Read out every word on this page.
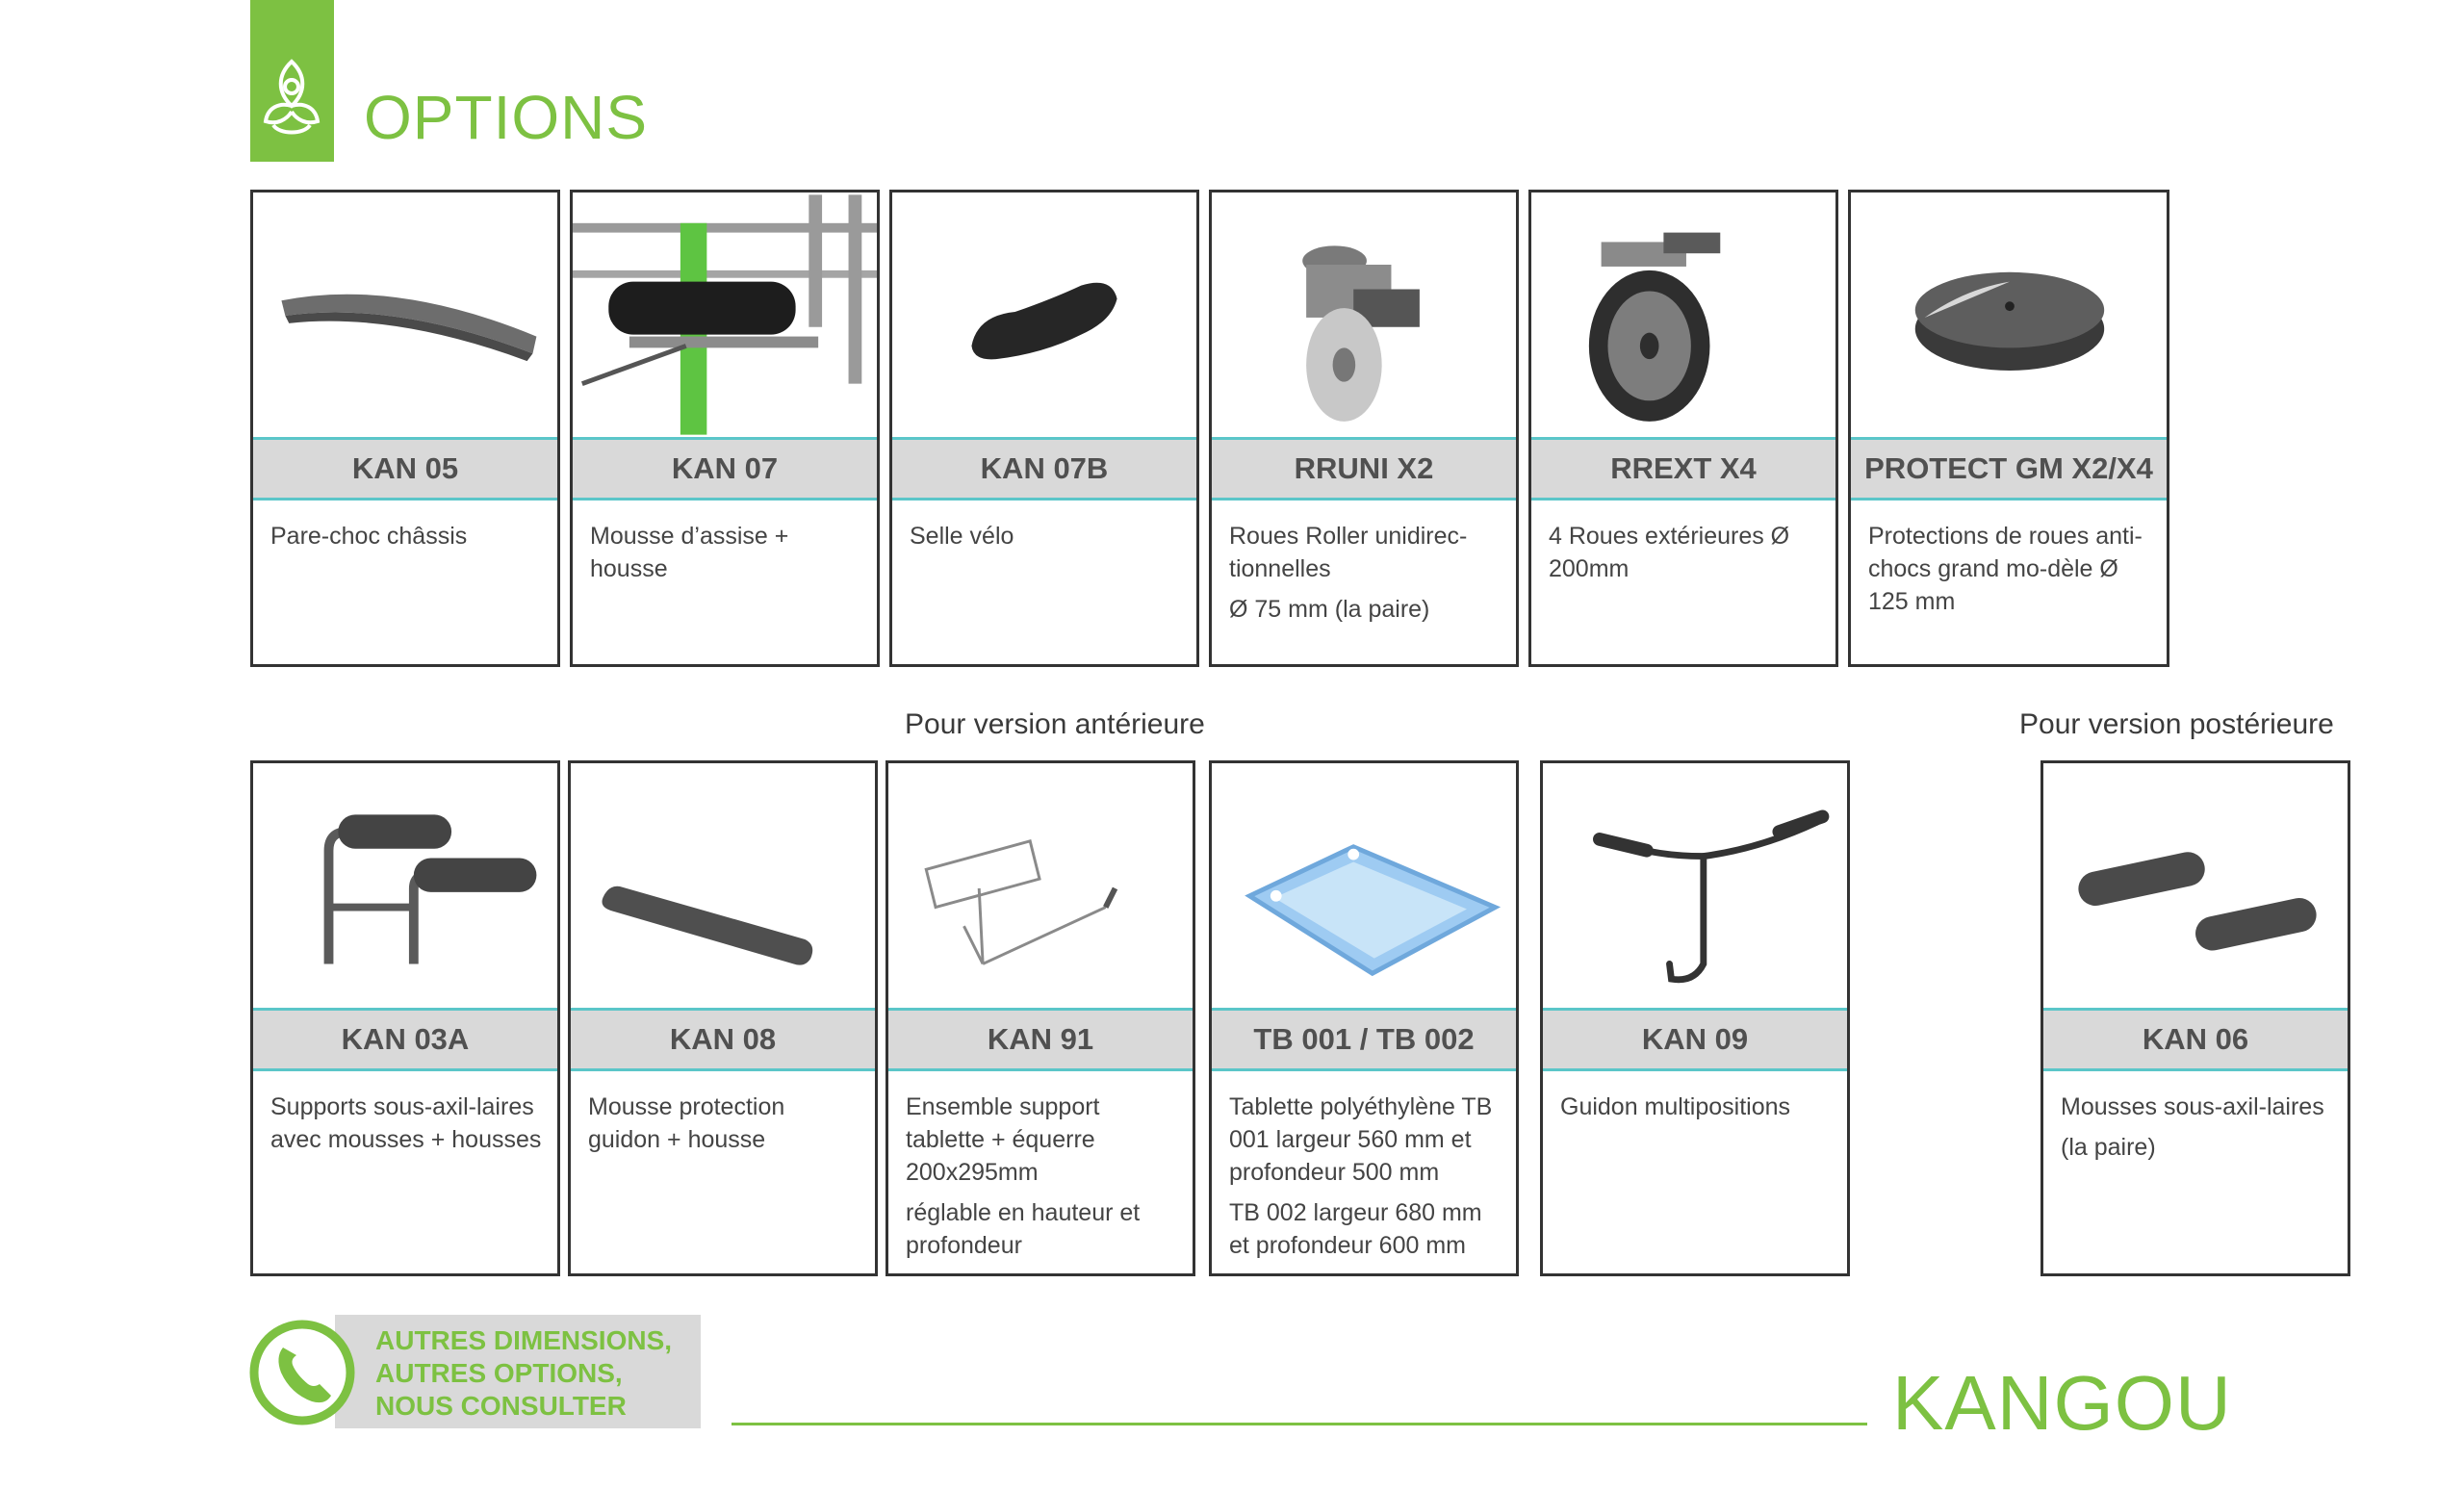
OPTIONS
KAN 05

Pare-choc châssis

KAN 07

Mousse d’assise + housse

KAN 07B

Selle vélo

RRUNI X2

Roues Roller unidirec-tionnelles

Ø 75 mm (la paire)

RREXT X4

4 Roues extérieures Ø 200mm

PROTECT GM X2/X4

Protections de roues anti-chocs grand mo-dèle Ø 125 mm

Pour version antérieure	Pour version postérieure
KAN 03A

Supports sous-axil-laires avec mousses + housses

KAN 08

Mousse protection guidon + housse

KAN 91

Ensemble support tablette + équerre 200x295mm

réglable en hauteur et profondeur

TB 001 / TB 002

Tablette polyéthylène TB 001 largeur 560 mm et profondeur 500 mm

TB 002 largeur 680 mm et profondeur 600 mm

KAN 09

Guidon multipositions

KAN 06

Mousses sous-axil-laires

(la paire)

AUTRES DIMENSIONS,
AUTRES OPTIONS,
NOUS CONSULTER	KANGOU
